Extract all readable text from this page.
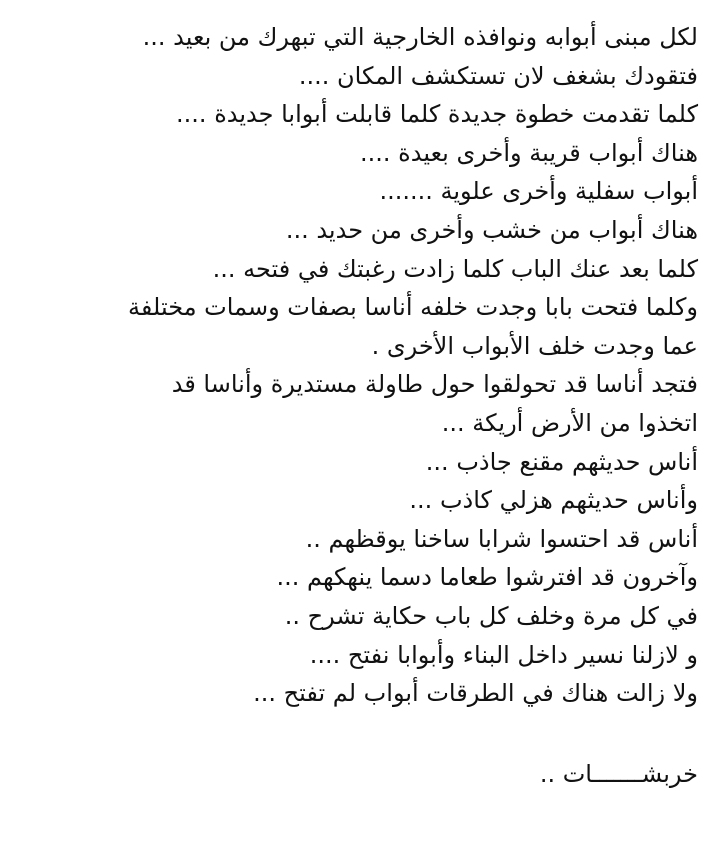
لكل مبنى أبوابه ونوافذه الخارجية التي تبهرك من بعيد ...
فتقودك بشغف لان تستكشف المكان ....
كلما تقدمت خطوة جديدة كلما قابلت أبوابا جديدة ....
هناك أبواب قريبة وأخرى بعيدة ....
أبواب سفلية وأخرى علوية .......
هناك أبواب من خشب وأخرى من حديد ...
كلما بعد عنك الباب كلما زادت رغبتك في فتحه ...
وكلما فتحت بابا وجدت خلفه أناسا بصفات وسمات مختلفة
عما وجدت خلف الأبواب الأخرى .
فتجد أناسا قد تحولقوا حول طاولة مستديرة وأناسا قد
اتخذوا من الأرض أريكة ...
أناس حديثهم مقنع جاذب ...
وأناس حديثهم هزلي كاذب ...
أناس قد احتسوا شرابا ساخنا يوقظهم ..
وآخرون قد افترشوا طعاما دسما ينهكهم ...
في كل مرة وخلف كل باب حكاية تشرح ..
و لازلنا نسير داخل البناء وأبوابا نفتح ....
ولا زالت هناك في الطرقات أبواب لم تفتح ...
خربشـــــــات ..
